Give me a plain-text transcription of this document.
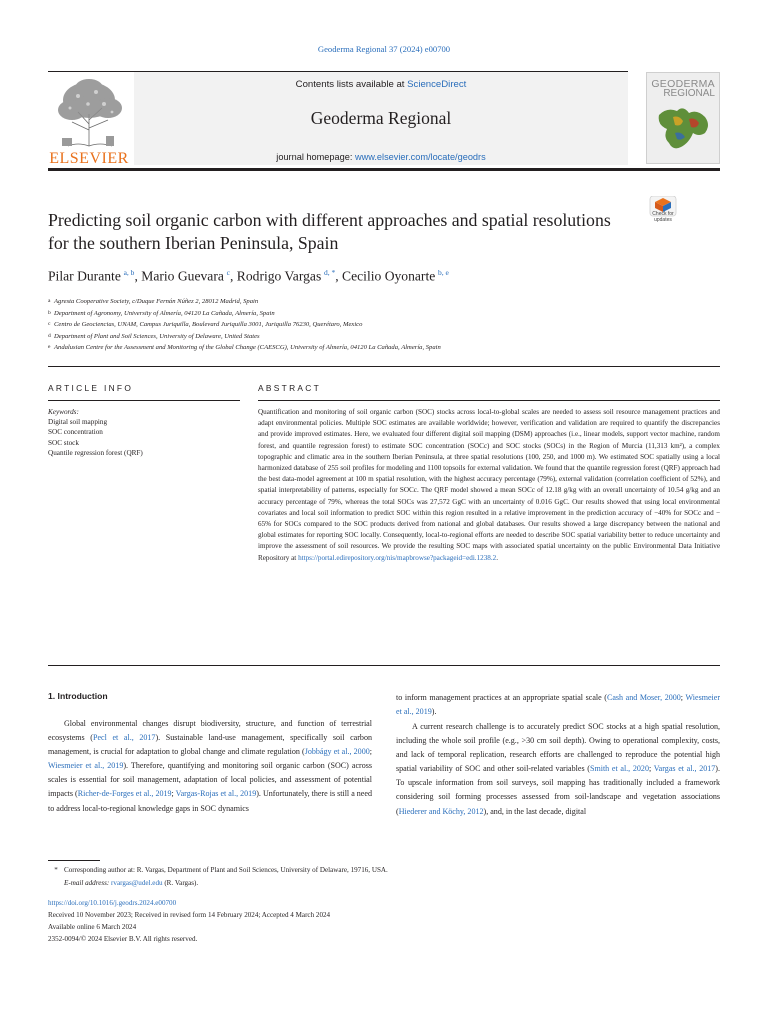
Geoderma Regional 37 (2024) e00700
ELSEVIER
Contents lists available at ScienceDirect
Geoderma Regional
journal homepage: www.elsevier.com/locate/geodrs
GEODERMA
REGIONAL
Predicting soil organic carbon with different approaches and spatial resolutions for the southern Iberian Peninsula, Spain
Check for updates
Pilar Durante  $^{a, b}$, Mario Guevara  $^c$, Rodrigo Vargas  $^{d, *}$, Cecilio Oyonarte  $^{b, e}$
a Agresta Cooperative Society, c/Duque Fernán Núñez 2, 28012 Madrid, Spain
b Department of Agronomy, University of Almería, 04120 La Cañada, Almería, Spain
c Centro de Geociencias, UNAM, Campus Juriquilla, Boulevard Juriquilla 3001, Juriquilla 76230, Querétaro, Mexico
d Department of Plant and Soil Sciences, University of Delaware, United States
e Andalusian Centre for the Assessment and Monitoring of the Global Change (CAESCG), University of Almería, 04120 La Cañada, Almería, Spain
ARTICLE INFO	ABSTRACT
Keywords:
Digital soil mapping
SOC concentration
SOC stock
Quantile regression forest (QRF)
Quantification and monitoring of soil organic carbon (SOC) stocks across local-to-global scales are needed to assess soil resource management practices and adapt environmental policies. Multiple SOC estimates are available worldwide; however, verification and validation are required to quantify the discrepancies and provide improved estimates. Here, we evaluated four different digital soil mapping (DSM) approaches (i.e., linear models, support vector machine, random forest, and quantile regression forest) to estimate SOC concentration (SOCc) and SOC stocks (SOCs) in the Region of Murcia (11,313 km²), a complex topographic and climatic area in the southern Iberian Peninsula, at three spatial resolutions (100, 250, and 1000 m). We estimated SOC spatially using a local harmonized database of 255 soil profiles for modeling and 1100 topsoils for external validation. We found that the quantile regression forest (QRF) approach had the best data-model agreement at 100 m spatial resolution, with the highest accuracy percentage (79%), external validation (correlation coefficient of 52%), and spatial interpretability of patterns, especially for SOCc. The QRF model showed a mean SOCc of 12.18 g/kg with an overall uncertainty of 10.54 g/kg and an accuracy percentage of 79%, whereas the total SOCs was 27,572 GgC with an uncertainty of 0.016 GgC. Our results showed that using local environmental covariates and local soil information to predict SOC within this region resulted in a relative improvement in the prediction accuracy of −40% for SOCc and − 65% for SOCs compared to the SOC products derived from national and global databases. Our results showed a large discrepancy between the national and global estimates for reporting SOC locally. Consequently, local-to-regional efforts are needed to describe SOC spatial variability better to reduce uncertainty and improve the assessment of soil resources. We provide the resulting SOC maps with associated spatial uncertainty on the public Environmental Data Initiative Repository at https://portal.edirepository.org/nis/mapbrowse?packageid=edi.1238.2.
1. Introduction
Global environmental changes disrupt biodiversity, structure, and function of terrestrial ecosystems (Pecl et al., 2017). Sustainable land-use management, specifically soil carbon management, is crucial for adaptation to global change and climate regulation (Jobbágy et al., 2000; Wiesmeier et al., 2019). Therefore, quantifying and monitoring soil organic carbon (SOC) across scales is essential for soil management, adaptation of local policies, and assessment of potential impacts (Richer-de-Forges et al., 2019; Vargas-Rojas et al., 2019). Unfortunately, there is still a need to address local-to-regional knowledge gaps in SOC dynamics
to inform management practices at an appropriate spatial scale (Cash and Moser, 2000; Wiesmeier et al., 2019).
A current research challenge is to accurately predict SOC stocks at a high spatial resolution, including the whole soil profile (e.g., >30 cm soil depth). Owing to operational complexity, costs, and lack of temporal replication, research efforts are challenged to reproduce the potential high spatial variability of SOC and other soil-related variables (Smith et al., 2020; Vargas et al., 2017). To upscale information from soil surveys, soil mapping has traditionally included a framework considering soil forming processes assessed from soil-landscape and vegetation associations (Hiederer and Köchy, 2012), and, in the last decade, digital
* Corresponding author at: R. Vargas, Department of Plant and Soil Sciences, University of Delaware, 19716, USA.
E-mail address: rvargas@udel.edu (R. Vargas).
https://doi.org/10.1016/j.geodrs.2024.e00700
Received 10 November 2023; Received in revised form 14 February 2024; Accepted 4 March 2024
Available online 6 March 2024
2352-0094/© 2024 Elsevier B.V. All rights reserved.
